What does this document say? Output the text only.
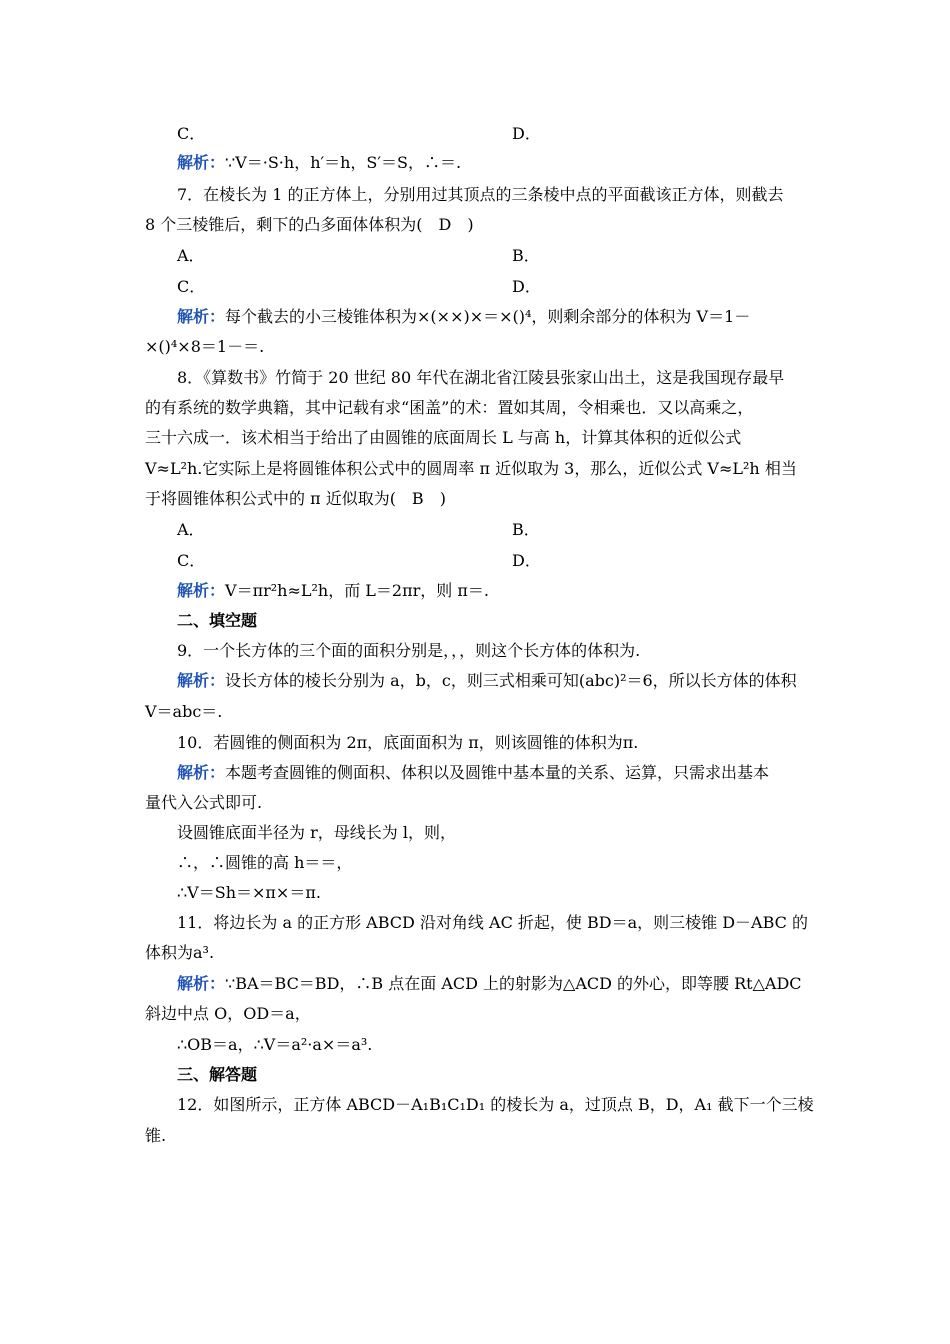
C．	D．
解析：∵V＝·S·h，h′＝h，S′＝S，∴＝.
7．在棱长为 1 的正方体上，分别用过其顶点的三条棱中点的平面截该正方体，则截去
8 个三棱锥后，剩下的凸多面体体积为(　D　)
A．	B．
C．	D．
解析：每个截去的小三棱锥体积为×(××)×＝×()⁴，则剩余部分的体积为 V＝1－
×()⁴×8＝1－＝.
8．《算数书》竹简于 20 世纪 80 年代在湖北省江陵县张家山出土，这是我国现存最早
的有系统的数学典籍，其中记载有求“囷盖”的术：置如其周，令相乘也．又以高乘之，
三十六成一．该术相当于给出了由圆锥的底面周长 L 与高 h，计算其体积的近似公式
V≈L²h.它实际上是将圆锥体积公式中的圆周率 π 近似取为 3，那么，近似公式 V≈L²h 相当
于将圆锥体积公式中的 π 近似取为(　B　)
A．	B．
C．	D．
解析：V＝πr²h≈L²h，而 L＝2πr，则 π＝.
二、填空题
9．一个长方体的三个面的面积分别是，，，则这个长方体的体积为.
解析：设长方体的棱长分别为 a，b，c，则三式相乘可知(abc)²＝6，所以长方体的体积
V＝abc＝.
10．若圆锥的侧面积为 2π，底面面积为 π，则该圆锥的体积为π.
解析：本题考查圆锥的侧面积、体积以及圆锥中基本量的关系、运算，只需求出基本
量代入公式即可.
设圆锥底面半径为 r，母线长为 l，则，
∴，∴圆锥的高 h＝＝，
∴V＝Sh＝×π×＝π.
11．将边长为 a 的正方形 ABCD 沿对角线 AC 折起，使 BD＝a，则三棱锥 D－ABC 的
体积为a³.
解析：∵BA＝BC＝BD，∴B 点在面 ACD 上的射影为△ACD 的外心，即等腰 Rt△ADC
斜边中点 O，OD＝a，
∴OB＝a，∴V＝a²·a×＝a³.
三、解答题
12．如图所示，正方体 ABCD－A₁B₁C₁D₁ 的棱长为 a，过顶点 B，D，A₁ 截下一个三棱
锥.
